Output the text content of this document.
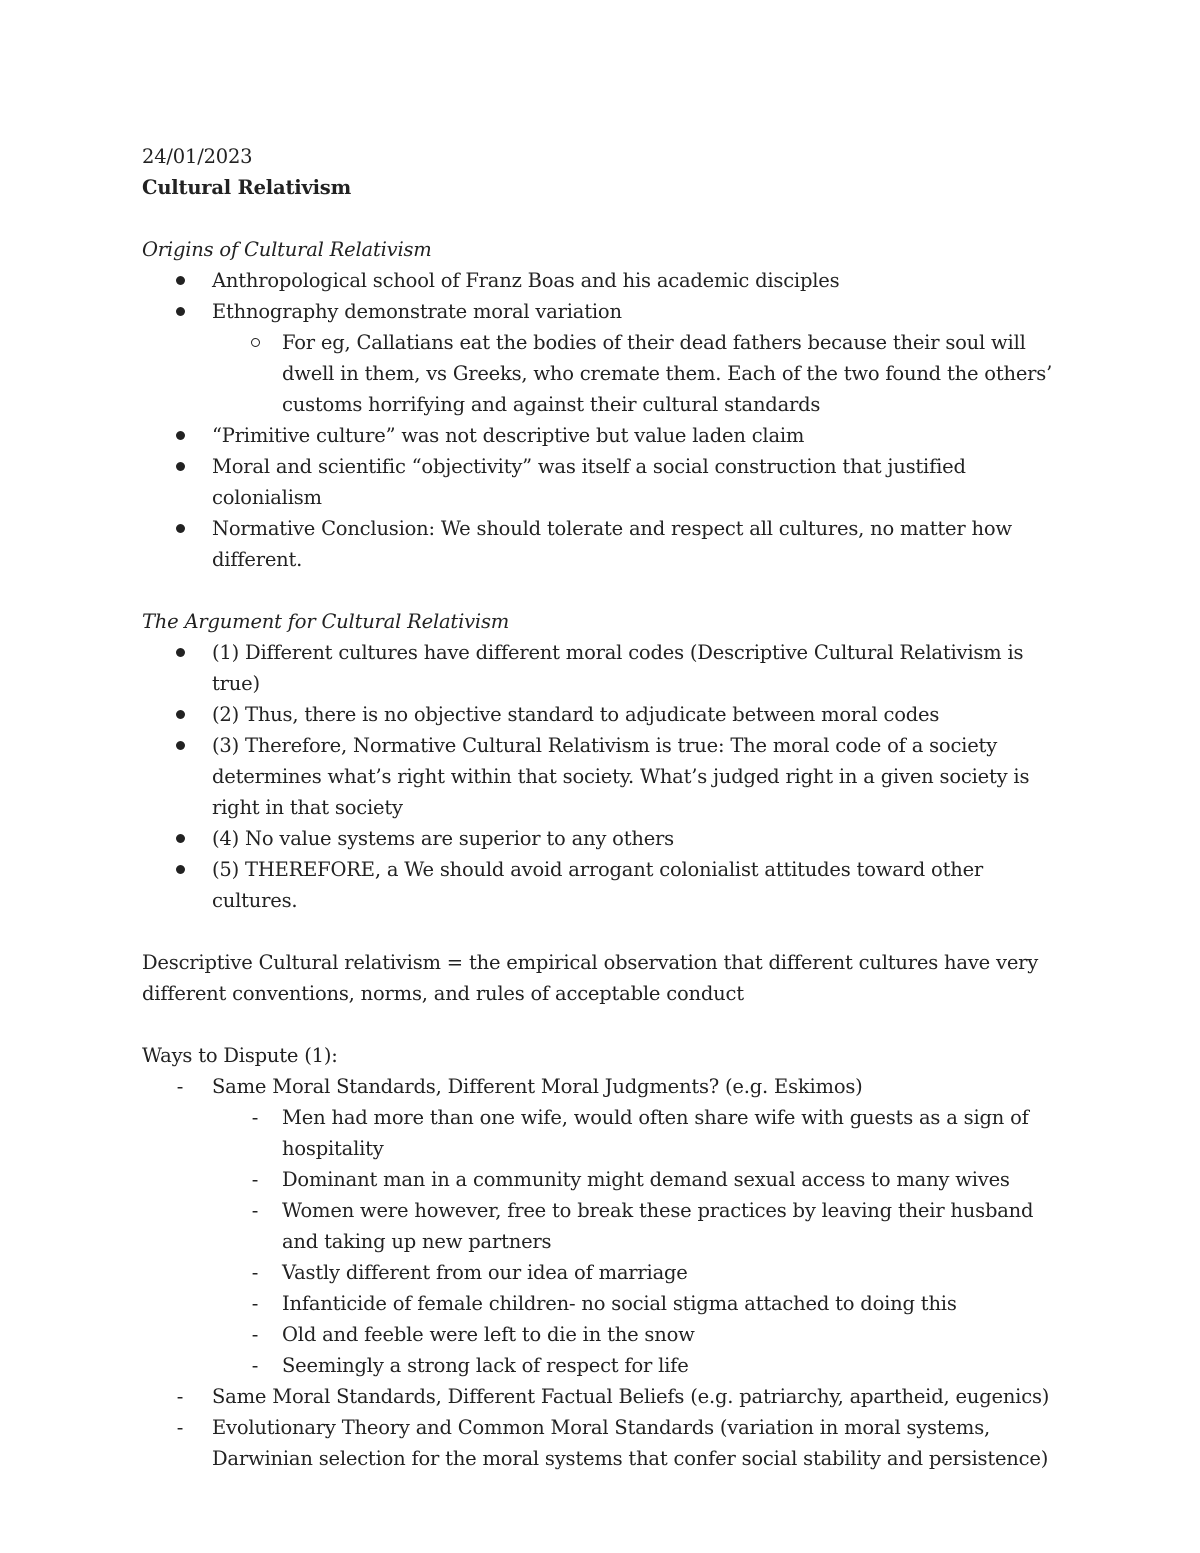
24/01/2023

Cultural Relativism

Origins of Cultural Relativism

Anthropological school of Franz Boas and his academic disciples
Ethnography demonstrate moral variation
For eg, Callatians eat the bodies of their dead fathers because their soul will dwell in them, vs Greeks, who cremate them. Each of the two found the others’ customs horrifying and against their cultural standards
“Primitive culture” was not descriptive but value laden claim
Moral and scientific “objectivity” was itself a social construction that justified colonialism
Normative Conclusion: We should tolerate and respect all cultures, no matter how different.

The Argument for Cultural Relativism

(1) Different cultures have different moral codes (Descriptive Cultural Relativism is true)
(2) Thus, there is no objective standard to adjudicate between moral codes
(3) Therefore, Normative Cultural Relativism is true: The moral code of a society determines what’s right within that society. What’s judged right in a given society is right in that society
(4) No value systems are superior to any others
(5) THEREFORE, a We should avoid arrogant colonialist attitudes toward other cultures.

Descriptive Cultural relativism = the empirical observation that different cultures have very different conventions, norms, and rules of acceptable conduct

Ways to Dispute (1):

-	Same Moral Standards, Different Moral Judgments? (e.g. Eskimos)
-	Men had more than one wife, would often share wife with guests as a sign of hospitality
-	Dominant man in a community might demand sexual access to many wives
-	Women were however, free to break these practices by leaving their husband and taking up new partners
-	Vastly different from our idea of marriage
-	Infanticide of female children- no social stigma attached to doing this
-	Old and feeble were left to die in the snow
-	Seemingly a strong lack of respect for life
-	Same Moral Standards, Different Factual Beliefs (e.g. patriarchy, apartheid, eugenics)
-	Evolutionary Theory and Common Moral Standards (variation in moral systems, Darwinian selection for the moral systems that confer social stability and persistence)
